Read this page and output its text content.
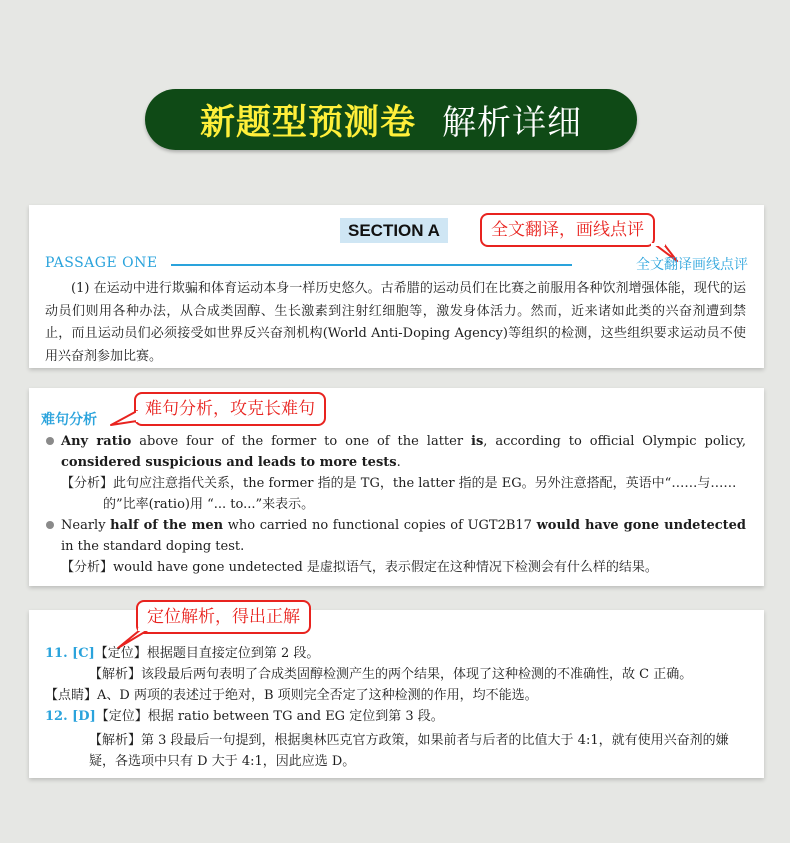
新题型预测卷 解析详细
SECTION A	全文翻译，画线点评
PASSAGE ONE	全文翻译画线点评
(1) 在运动中进行欺骗和体育运动本身一样历史悠久。古希腊的运动员们在比赛之前服用各种饮剂增强体能，现代的运动员们则用各种办法，从合成类固醇、生长激素到注射红细胞等，激发身体活力。然而，近来诸如此类的兴奋剂遭到禁止，而且运动员们必须接受如世界反兴奋剂机构(World Anti-Doping Agency)等组织的检测，这些组织要求运动员不使用兴奋剂参加比赛。
难句分析
难句分析，攻克长难句
Any ratio above four of the former to one of the latter is, according to official Olympic policy, considered suspicious and leads to more tests.
【分析】此句应注意指代关系，the former 指的是 TG，the latter 指的是 EG。另外注意搭配，英语中“……与……
的”比率(ratio)用 “... to...”来表示。
Nearly half of the men who carried no functional copies of UGT2B17 would have gone undetected in the standard doping test.
【分析】would have gone undetected 是虚拟语气，表示假定在这种情况下检测会有什么样的结果。
定位解析，得出正解
11. [C]【定位】根据题目直接定位到第 2 段。
【解析】该段最后两句表明了合成类固醇检测产生的两个结果，体现了这种检测的不准确性，故 C 正确。
【点睛】A、D 两项的表述过于绝对，B 项则完全否定了这种检测的作用，均不能选。
12. [D]【定位】根据 ratio between TG and EG 定位到第 3 段。
【解析】第 3 段最后一句提到，根据奥林匹克官方政策，如果前者与后者的比值大于 4:1，就有使用兴奋剂的嫌
疑，各选项中只有 D 大于 4:1，因此应选 D。
